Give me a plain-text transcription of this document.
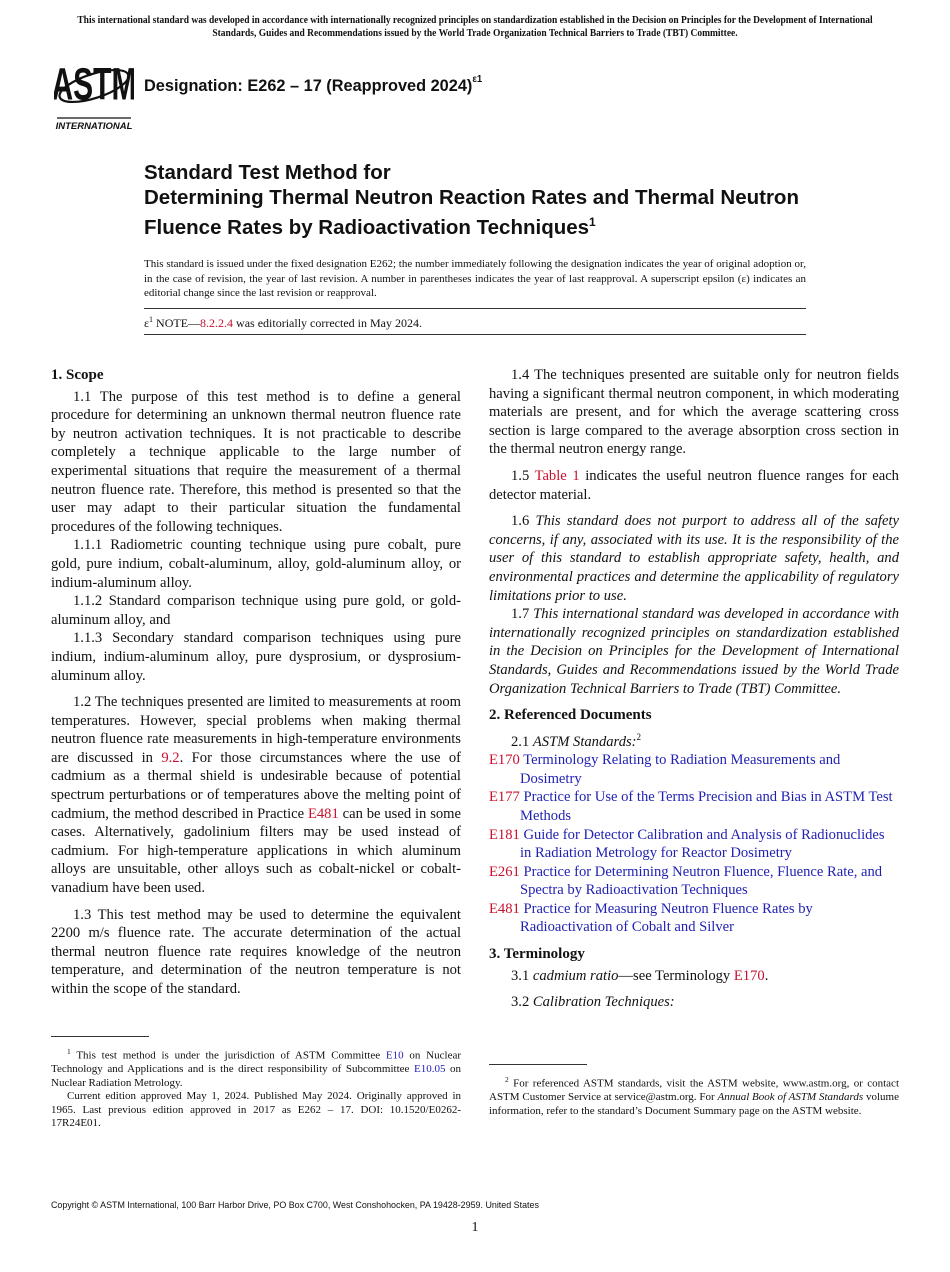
This international standard was developed in accordance with internationally recognized principles on standardization established in the Decision on Principles for the Development of International Standards, Guides and Recommendations issued by the World Trade Organization Technical Barriers to Trade (TBT) Committee.
ASTM
INTERNATIONAL
Designation: E262 – 17 (Reapproved 2024)$^{\varepsilon 1}$
Standard Test Method for
Determining Thermal Neutron Reaction Rates and Thermal Neutron Fluence Rates by Radioactivation Techniques$^1$
This standard is issued under the fixed designation E262; the number immediately following the designation indicates the year of original adoption or, in the case of revision, the year of last revision. A number in parentheses indicates the year of last reapproval. A superscript epsilon (ε) indicates an editorial change since the last revision or reapproval.
$\varepsilon^1$ NOTE—8.2.2.4 was editorially corrected in May 2024.
1. Scope

1.1 The purpose of this test method is to define a general procedure for determining an unknown thermal neutron fluence rate by neutron activation techniques. It is not practicable to describe completely a technique applicable to the large number of experimental situations that require the measurement of a thermal neutron fluence rate. Therefore, this method is presented so that the user may adapt to their particular situation the fundamental procedures of the following techniques.

1.1.1 Radiometric counting technique using pure cobalt, pure gold, pure indium, cobalt-aluminum, alloy, gold-aluminum alloy, or indium-aluminum alloy.

1.1.2 Standard comparison technique using pure gold, or gold-aluminum alloy, and

1.1.3 Secondary standard comparison techniques using pure indium, indium-aluminum alloy, pure dysprosium, or dysprosium-aluminum alloy.

1.2 The techniques presented are limited to measurements at room temperatures. However, special problems when making thermal neutron fluence rate measurements in high-temperature environments are discussed in 9.2. For those circumstances where the use of cadmium as a thermal shield is undesirable because of potential spectrum perturbations or of temperatures above the melting point of cadmium, the method described in Practice E481 can be used in some cases. Alternatively, gadolinium filters may be used instead of cadmium. For high-temperature applications in which aluminum alloys are unsuitable, other alloys such as cobalt-nickel or cobalt-vanadium have been used.

1.3 This test method may be used to determine the equivalent 2200 m/s fluence rate. The accurate determination of the actual thermal neutron fluence rate requires knowledge of the neutron temperature, and determination of the neutron temperature is not within the scope of the standard.

1.4 The techniques presented are suitable only for neutron fields having a significant thermal neutron component, in which moderating materials are present, and for which the average scattering cross section is large compared to the average absorption cross section in the thermal neutron energy range.

1.5 Table 1 indicates the useful neutron fluence ranges for each detector material.

1.6 This standard does not purport to address all of the safety concerns, if any, associated with its use. It is the responsibility of the user of this standard to establish appropriate safety, health, and environmental practices and determine the applicability of regulatory limitations prior to use.

1.7 This international standard was developed in accordance with internationally recognized principles on standardization established in the Decision on Principles for the Development of International Standards, Guides and Recommendations issued by the World Trade Organization Technical Barriers to Trade (TBT) Committee.

2. Referenced Documents

2.1 ASTM Standards:$^2$

E170 Terminology Relating to Radiation Measurements and Dosimetry
E177 Practice for Use of the Terms Precision and Bias in ASTM Test Methods
E181 Guide for Detector Calibration and Analysis of Radionuclides in Radiation Metrology for Reactor Dosimetry
E261 Practice for Determining Neutron Fluence, Fluence Rate, and Spectra by Radioactivation Techniques
E481 Practice for Measuring Neutron Fluence Rates by Radioactivation of Cobalt and Silver
3. Terminology

3.1 cadmium ratio—see Terminology E170.

3.2 Calibration Techniques:

$^1$ This test method is under the jurisdiction of ASTM Committee E10 on Nuclear Technology and Applications and is the direct responsibility of Subcommittee E10.05 on Nuclear Radiation Metrology.

Current edition approved May 1, 2024. Published May 2024. Originally approved in 1965. Last previous edition approved in 2017 as E262 – 17. DOI: 10.1520/E0262-17R24E01.

$^2$ For referenced ASTM standards, visit the ASTM website, www.astm.org, or contact ASTM Customer Service at service@astm.org. For Annual Book of ASTM Standards volume information, refer to the standard’s Document Summary page on the ASTM website.

Copyright © ASTM International, 100 Barr Harbor Drive, PO Box C700, West Conshohocken, PA 19428-2959. United States
1
